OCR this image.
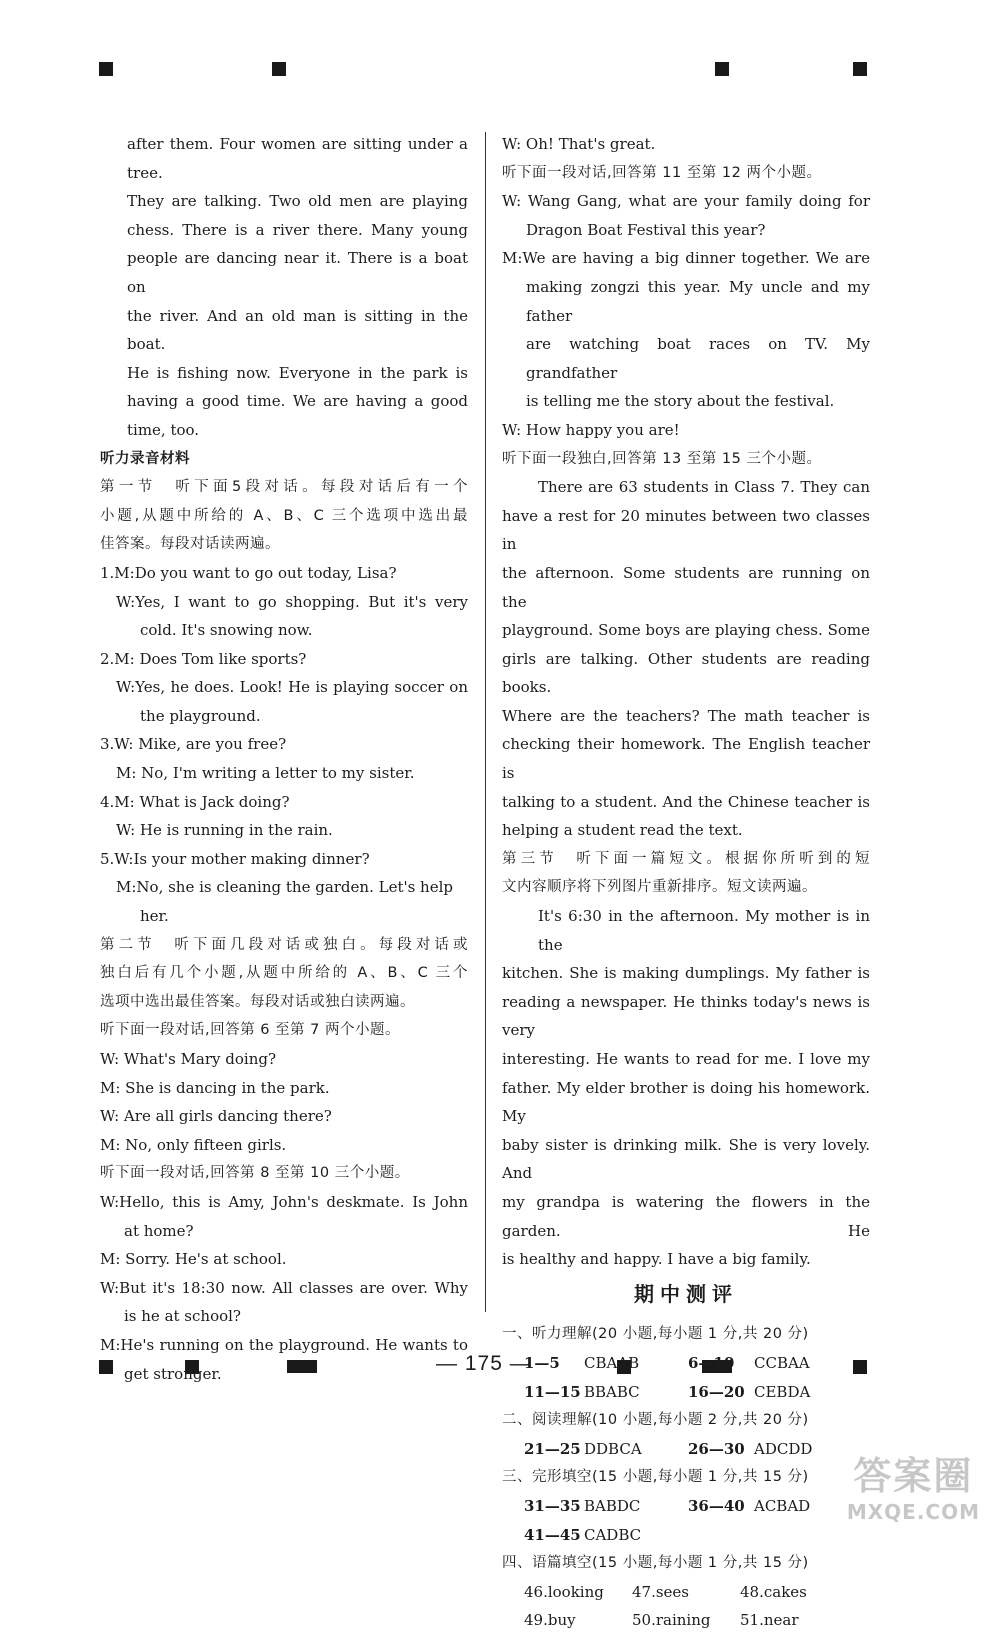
after them. Four women are sitting under a tree.

They are talking. Two old men are playing

chess. There is a river there. Many young

people are dancing near it. There is a boat on

the river. And an old man is sitting in the boat.

He is fishing now. Everyone in the park is

having a good time. We are having a good

time, too.

听力录音材料

第一节　听下面5段对话。每段对话后有一个

小题,从题中所给的 A、B、C 三个选项中选出最

佳答案。每段对话读两遍。

1.M:Do you want to go out today, Lisa?

W:Yes, I want to go shopping. But it's very

cold. It's snowing now.

2.M: Does Tom like sports?

W:Yes, he does. Look! He is playing soccer on

the playground.

3.W: Mike, are you free?

M: No, I'm writing a letter to my sister.

4.M: What is Jack doing?

W: He is running in the rain.

5.W:Is your mother making dinner?

M:No, she is cleaning the garden. Let's help

her.

第二节　听下面几段对话或独白。每段对话或

独白后有几个小题,从题中所给的 A、B、C 三个

选项中选出最佳答案。每段对话或独白读两遍。

听下面一段对话,回答第 6 至第 7 两个小题。

W: What's Mary doing?

M: She is dancing in the park.

W: Are all girls dancing there?

M: No, only fifteen girls.

听下面一段对话,回答第 8 至第 10 三个小题。

W:Hello, this is Amy, John's deskmate. Is John

at home?

M: Sorry. He's at school.

W:But it's 18:30 now. All classes are over. Why

is he at school?

M:He's running on the playground. He wants to

get stronger.

W: Oh! That's great.

听下面一段对话,回答第 11 至第 12 两个小题。

W: Wang Gang, what are your family doing for

Dragon Boat Festival this year?

M:We are having a big dinner together. We are

making zongzi this year. My uncle and my father

are watching boat races on TV. My grandfather

is telling me the story about the festival.

W: How happy you are!

听下面一段独白,回答第 13 至第 15 三个小题。

There are 63 students in Class 7. They can

have a rest for 20 minutes between two classes in

the afternoon. Some students are running on the

playground. Some boys are playing chess. Some

girls are talking. Other students are reading books.

Where are the teachers? The math teacher is

checking their homework. The English teacher is

talking to a student. And the Chinese teacher is

helping a student read the text.

第三节　听下面一篇短文。根据你所听到的短

文内容顺序将下列图片重新排序。短文读两遍。

It's 6:30 in the afternoon. My mother is in the

kitchen. She is making dumplings. My father is

reading a newspaper. He thinks today's news is very

interesting. He wants to read for me. I love my

father. My elder brother is doing his homework. My

baby sister is drinking milk. She is very lovely. And

my grandpa is watering the flowers in the garden. He

is healthy and happy. I have a big family.

期中测评

一、听力理解(20 小题,每小题 1 分,共 20 分)

1—5	CBAAB	6—10	CCBAA
11—15 BBABC	16—20 CEBDA

二、阅读理解(10 小题,每小题 2 分,共 20 分)

21—25 DDBCA	26—30 ADCDD

三、完形填空(15 小题,每小题 1 分,共 15 分)

31—35 BABDC	36—40 ACBAD
41—45 CADBC

四、语篇填空(15 小题,每小题 1 分,共 15 分)

46.looking	47.sees	48.cakes
49.buy	50.raining	51.near
— 175 —
答案圈
MXQE.COM
